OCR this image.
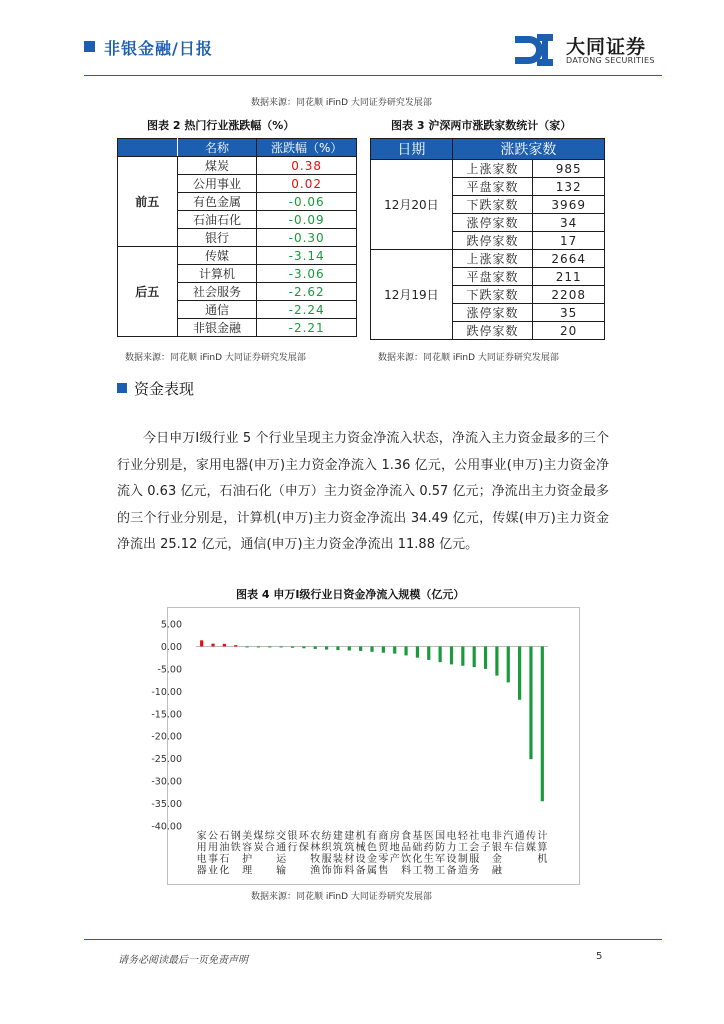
非银金融/日报	大同证券
DATONG SECURITIES
数据来源：同花顺 iFinD 大同证券研究发展部
图表 2 热门行业涨跌幅（%）	图表 3 沪深两市涨跌家数统计（家）
	名称	涨跌幅（%）
前五	煤炭	0.38
	公用事业	0.02
	有色金属	-0.06
	石油石化	-0.09
	银行	-0.30
后五	传媒	-3.14
	计算机	-3.06
	社会服务	-2.62
	通信	-2.24
	非银金融	-2.21
日期	涨跌家数	
12月20日	上涨家数	985
	平盘家数	132
	下跌家数	3969
	涨停家数	34
	跌停家数	17
12月19日	上涨家数	2664
	平盘家数	211
	下跌家数	2208
	涨停家数	35
	跌停家数	20
数据来源：同花顺 iFinD 大同证券研究发展部	数据来源：同花顺 iFinD 大同证券研究发展部
资金表现
今日申万Ⅰ级行业 5 个行业呈现主力资金净流入状态，净流入主力资金最多的三个行业分别是，家用电器(申万)主力资金净流入 1.36 亿元，公用事业(申万)主力资金净流入 0.63 亿元，石油石化（申万）主力资金净流入 0.57 亿元；净流出主力资金最多的三个行业分别是，计算机(申万)主力资金净流出 34.49 亿元，传媒(申万)主力资金净流出 25.12 亿元，通信(申万)主力资金净流出 11.88 亿元。
图表 4 申万Ⅰ级行业日资金净流入规模（亿元）
5.00
0.00
-5.00
-10.00
-15.00
-20.00
-25.00
-30.00
-35.00
-40.00
家用电器
公用事业
石油石化
钢铁
美容护理
煤炭
综合
交通运输
银行
环保
农林牧渔
纺织服饰
建筑装饰
建筑材料
机械设备
有色金属
商贸零售
房地产
食品饮料
基础化工
医药生物
国防军工
电力设备
轻工制造
社会服务
电子
非银金融
汽车
通信
传媒
计算机
数据来源：同花顺 iFinD 大同证券研究发展部
请务必阅读最后一页免责声明	5
